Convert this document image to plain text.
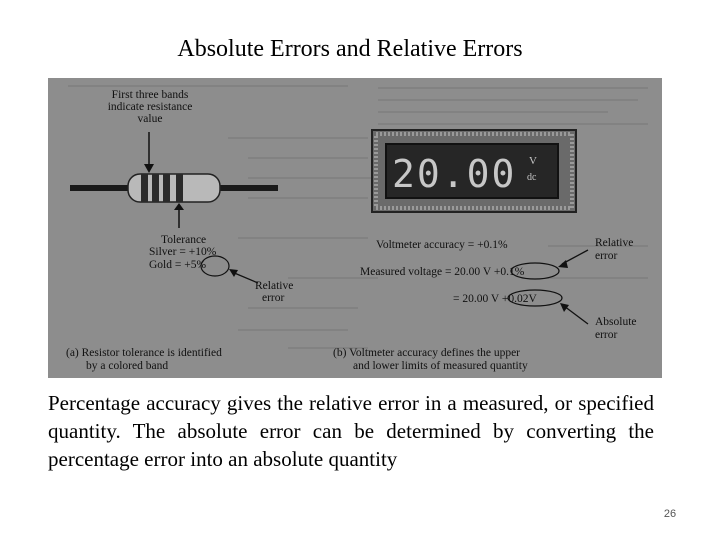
Absolute Errors and Relative Errors
20.00 V
dc
First three bands
indicate resistance
value
Tolerance
Silver = +10%
Gold = +5%
Relative
error
Voltmeter accuracy = +0.1%
Measured voltage = 20.00 V +0.1%
= 20.00 V +0.02V
Relative
error
Absolute
error
(a) Resistor tolerance is identified
by a colored band
(b) Voltmeter accuracy defines the upper
and lower limits of measured quantity
Percentage accuracy gives the relative error in a measured, or specified quantity. The absolute error can be determined by converting the percentage error into an absolute quantity
26
